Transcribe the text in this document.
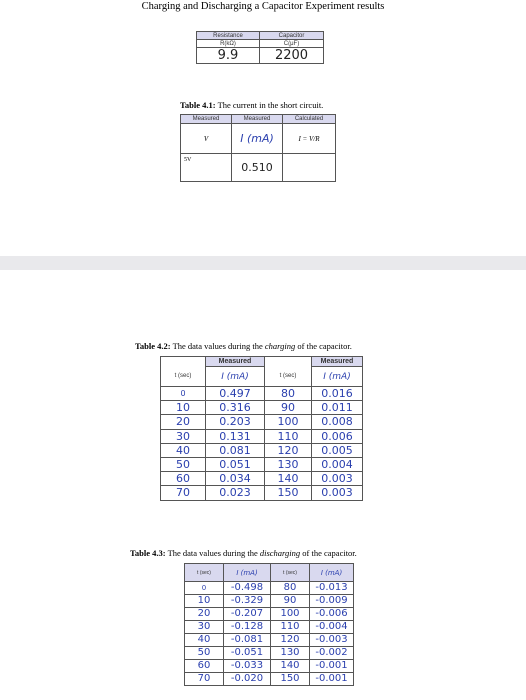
Charging and Discharging a Capacitor Experiment results
Resistance	Capacitor
R(kΩ)	C(μF)
9.9	2200
Table 4.1: The current in the short circuit.
Measured	Measured	Calculated
V	I (mA)	I = V/R
5V	0.510	
Table 4.2: The data values during the charging of the capacitor.
	Measured		Measured
t (sec)	I (mA)	t (sec)	I (mA)
0	0.497	80	0.016
10	0.316	90	0.011
20	0.203	100	0.008
30	0.131	110	0.006
40	0.081	120	0.005
50	0.051	130	0.004
60	0.034	140	0.003
70	0.023	150	0.003
Table 4.3: The data values during the discharging of the capacitor.
t (sec)	I (mA)	t (sec)	I (mA)
0	-0.498	80	-0.013
10	-0.329	90	-0.009
20	-0.207	100	-0.006
30	-0.128	110	-0.004
40	-0.081	120	-0.003
50	-0.051	130	-0.002
60	-0.033	140	-0.001
70	-0.020	150	-0.001
